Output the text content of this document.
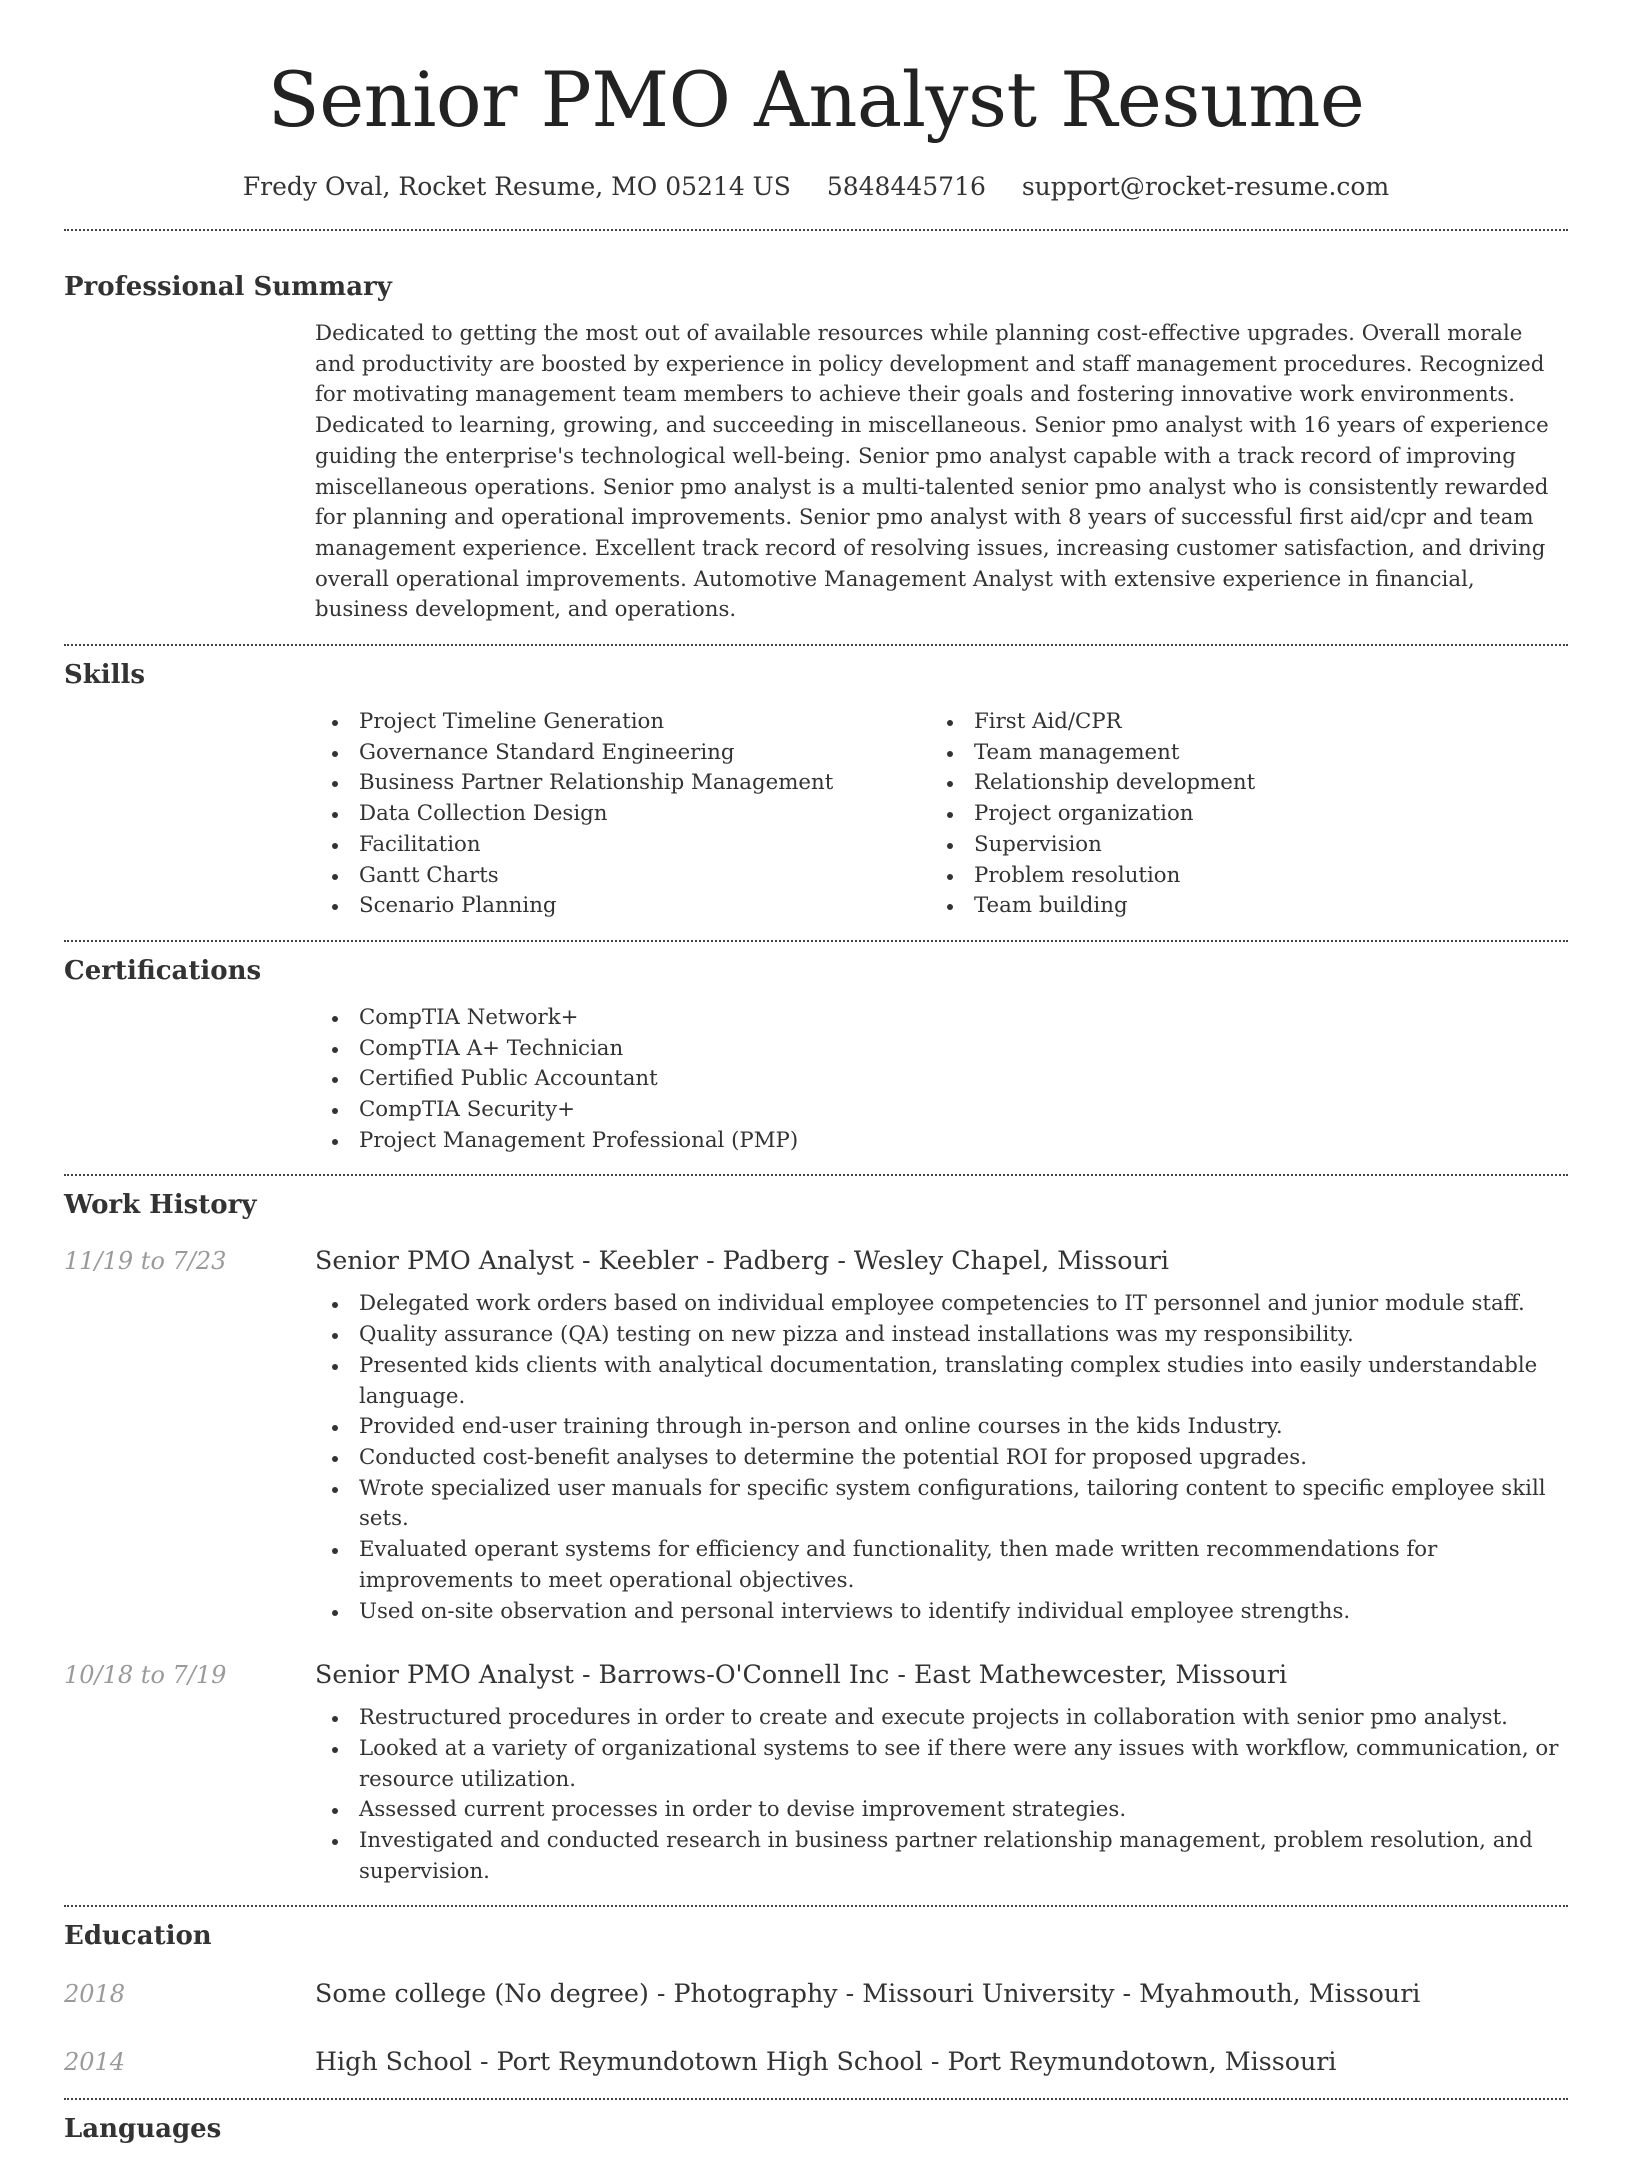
Senior PMO Analyst Resume
Fredy Oval, Rocket Resume, MO 05214 US 5848445716 support@rocket-resume.com
Professional Summary

Dedicated to getting the most out of available resources while planning cost-effective upgrades. Overall morale and productivity are boosted by experience in policy development and staff management procedures. Recognized for motivating management team members to achieve their goals and fostering innovative work environments. Dedicated to learning, growing, and succeeding in miscellaneous. Senior pmo analyst with 16 years of experience guiding the enterprise's technological well-being. Senior pmo analyst capable with a track record of improving miscellaneous operations. Senior pmo analyst is a multi-talented senior pmo analyst who is consistently rewarded for planning and operational improvements. Senior pmo analyst with 8 years of successful first aid/cpr and team management experience. Excellent track record of resolving issues, increasing customer satisfaction, and driving overall operational improvements. Automotive Management Analyst with extensive experience in financial, business development, and operations.

Skills
Project Timeline Generation
Governance Standard Engineering
Business Partner Relationship Management
Data Collection Design
Facilitation
Gantt Charts
Scenario Planning
First Aid/CPR
Team management
Relationship development
Project organization
Supervision
Problem resolution
Team building
Certifications
CompTIA Network+
CompTIA A+ Technician
Certified Public Accountant
CompTIA Security+
Project Management Professional (PMP)
Work History
11/19 to 7/23	Senior PMO Analyst - Keebler - Padberg - Wesley Chapel, Missouri
Delegated work orders based on individual employee competencies to IT personnel and junior module staff.
Quality assurance (QA) testing on new pizza and instead installations was my responsibility.
Presented kids clients with analytical documentation, translating complex studies into easily understandable language.
Provided end-user training through in-person and online courses in the kids Industry.
Conducted cost-benefit analyses to determine the potential ROI for proposed upgrades.
Wrote specialized user manuals for specific system configurations, tailoring content to specific employee skill sets.
Evaluated operant systems for efficiency and functionality, then made written recommendations for improvements to meet operational objectives.
Used on-site observation and personal interviews to identify individual employee strengths.
10/18 to 7/19	Senior PMO Analyst - Barrows-O'Connell Inc - East Mathewcester, Missouri
Restructured procedures in order to create and execute projects in collaboration with senior pmo analyst.
Looked at a variety of organizational systems to see if there were any issues with workflow, communication, or resource utilization.
Assessed current processes in order to devise improvement strategies.
Investigated and conducted research in business partner relationship management, problem resolution, and supervision.
Education
2018	Some college (No degree) - Photography - Missouri University - Myahmouth, Missouri
2014	High School - Port Reymundotown High School - Port Reymundotown, Missouri
Languages
